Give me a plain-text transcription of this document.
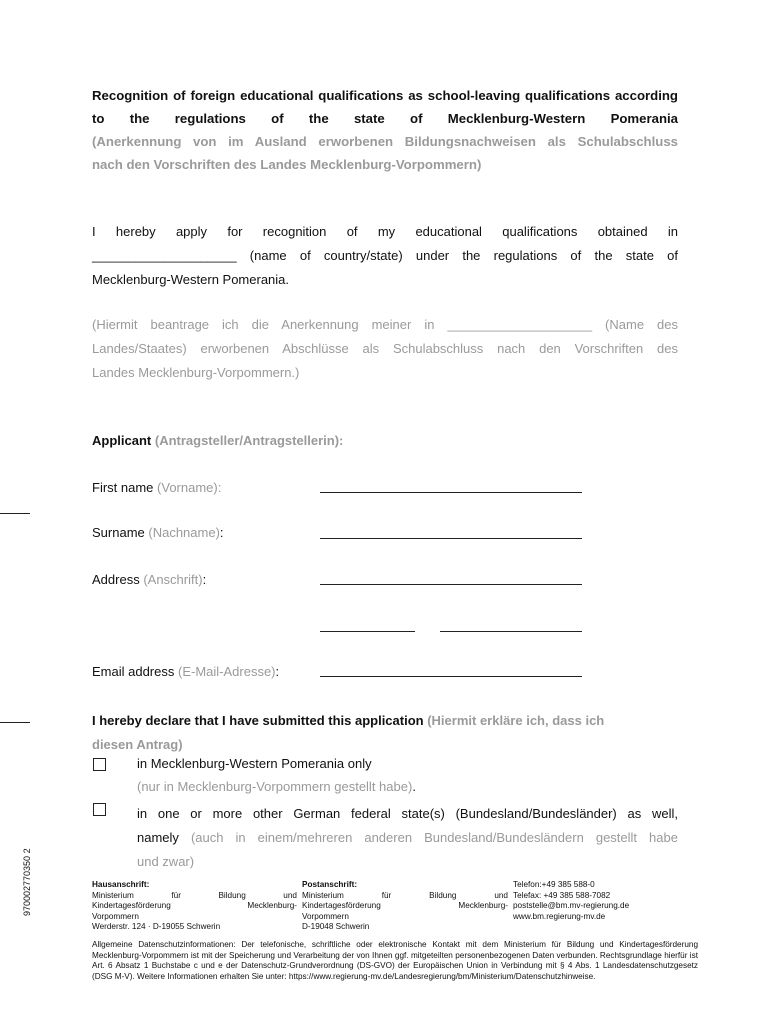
Recognition of foreign educational qualifications as school-leaving qualifications according to the regulations of the state of Mecklenburg-Western Pomerania
(Anerkennung von im Ausland erworbenen Bildungsnachweisen als Schulabschluss
nach den Vorschriften des Landes Mecklenburg-Vorpommern)
I hereby apply for recognition of my educational qualifications obtained in
____________________ (name of country/state) under the regulations of the state of
Mecklenburg-Western Pomerania.
(Hiermit beantrage ich die Anerkennung meiner in ____________________ (Name des
Landes/Staates) erworbenen Abschlüsse als Schulabschluss nach den Vorschriften des
Landes Mecklenburg-Vorpommern.)
Applicant (Antragsteller/Antragstellerin):
First name (Vorname):
Surname (Nachname):
Address (Anschrift):
Email address (E-Mail-Adresse):
I hereby declare that I have submitted this application (Hiermit erkläre ich, dass ich
diesen Antrag)
in Mecklenburg-Western Pomerania only
(nur in Mecklenburg-Vorpommern gestellt habe).
in one or more other German federal state(s) (Bundesland/Bundesländer) as well,
namely (auch in einem/mehreren anderen Bundesland/Bundesländern gestellt habe
und zwar)
970002770350 2	Hausanschrift:
Ministerium	für	Bildung	und
Kindertagesförderung	Mecklenburg-
Vorpommern
Werderstr. 124 · D-19055 Schwerin
Postanschrift:
Ministerium	für	Bildung	und
Kindertagesförderung	Mecklenburg-
Vorpommern
D-19048 Schwerin
Telefon:+49 385 588-0
Telefax: +49 385 588-7082
poststelle@bm.mv-regierung.de
www.bm.regierung-mv.de
Allgemeine Datenschutzinformationen: Der telefonische, schriftliche oder elektronische Kontakt mit dem Ministerium für Bildung und Kindertagesförderung Mecklenburg-Vorpommern ist mit der Speicherung und Verarbeitung der von Ihnen ggf. mitgeteilten personenbezogenen Daten verbunden. Rechtsgrundlage hierfür ist Art. 6 Absatz 1 Buchstabe c und e der Datenschutz-Grundverordnung (DS-GVO) der Europäischen Union in Verbindung mit § 4 Abs. 1 Landesdatenschutzgesetz (DSG M-V). Weitere Informationen erhalten Sie unter: https://www.regierung-mv.de/Landesregierung/bm/Ministerium/Datenschutzhinweise.
